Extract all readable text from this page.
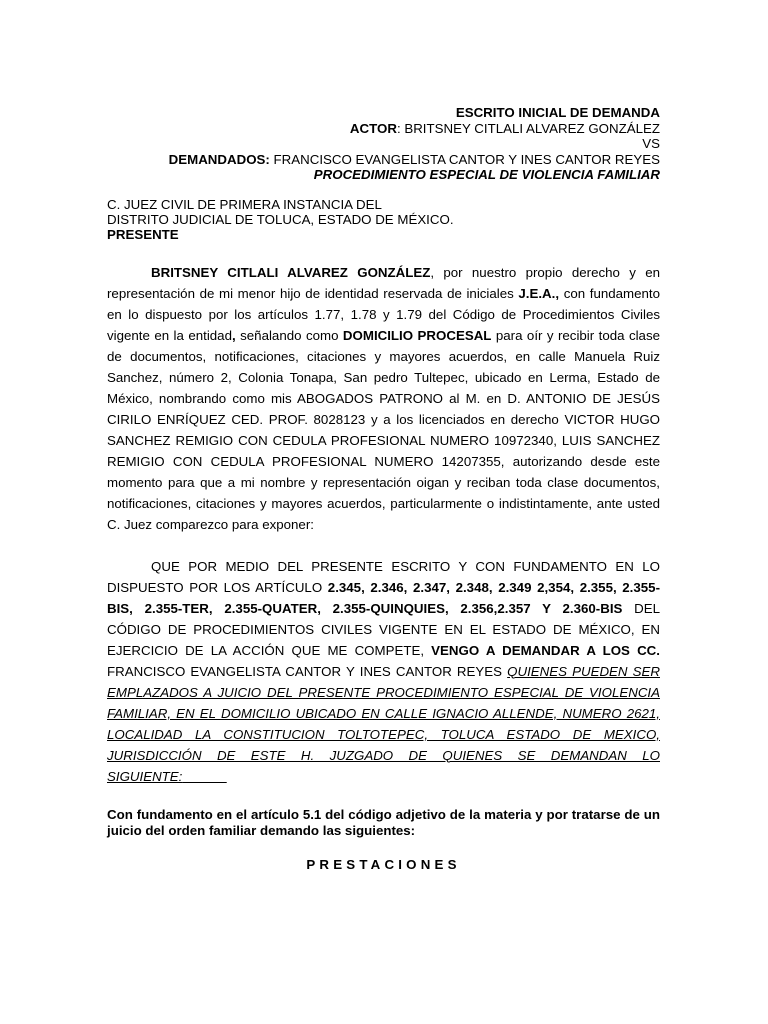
ESCRITO INICIAL DE DEMANDA
ACTOR: BRITSNEY CITLALI ALVAREZ GONZÁLEZ
VS
DEMANDADOS: FRANCISCO EVANGELISTA CANTOR Y INES CANTOR REYES
PROCEDIMIENTO ESPECIAL DE VIOLENCIA FAMILIAR
C. JUEZ CIVIL DE PRIMERA INSTANCIA DEL
DISTRITO JUDICIAL DE TOLUCA, ESTADO DE MÉXICO.
PRESENTE
BRITSNEY CITLALI ALVAREZ GONZÁLEZ, por nuestro propio derecho y en representación de mi menor hijo de identidad reservada de iniciales J.E.A., con fundamento en lo dispuesto por los artículos 1.77, 1.78 y 1.79 del Código de Procedimientos Civiles vigente en la entidad, señalando como DOMICILIO PROCESAL para oír y recibir toda clase de documentos, notificaciones, citaciones y mayores acuerdos, en calle Manuela Ruiz Sanchez, número 2, Colonia Tonapa, San pedro Tultepec, ubicado en Lerma, Estado de México, nombrando como mis ABOGADOS PATRONO al M. en D. ANTONIO DE JESÚS CIRILO ENRÍQUEZ CED. PROF. 8028123 y a los licenciados en derecho VICTOR HUGO SANCHEZ REMIGIO CON CEDULA PROFESIONAL NUMERO 10972340, LUIS SANCHEZ REMIGIO CON CEDULA PROFESIONAL NUMERO 14207355, autorizando desde este momento para que a mi nombre y representación oigan y reciban toda clase documentos, notificaciones, citaciones y mayores acuerdos, particularmente o indistintamente, ante usted C. Juez comparezco para exponer:
QUE POR MEDIO DEL PRESENTE ESCRITO Y CON FUNDAMENTO EN LO DISPUESTO POR LOS ARTÍCULO 2.345, 2.346, 2.347, 2.348, 2.349 2,354, 2.355, 2.355-BIS, 2.355-TER, 2.355-QUATER, 2.355-QUINQUIES, 2.356,2.357 Y 2.360-BIS DEL CÓDIGO DE PROCEDIMIENTOS CIVILES VIGENTE EN EL ESTADO DE MÉXICO, EN EJERCICIO DE LA ACCIÓN QUE ME COMPETE, VENGO A DEMANDAR A LOS CC. FRANCISCO EVANGELISTA CANTOR Y INES CANTOR REYES QUIENES PUEDEN SER EMPLAZADOS A JUICIO DEL PRESENTE PROCEDIMIENTO ESPECIAL DE VIOLENCIA FAMILIAR, EN EL DOMICILIO UBICADO EN CALLE IGNACIO ALLENDE, NUMERO 2621, LOCALIDAD LA CONSTITUCION TOLTOTEPEC, TOLUCA ESTADO DE MEXICO, JURISDICCIÓN DE ESTE H. JUZGADO DE QUIENES SE DEMANDAN LO SIGUIENTE:
Con fundamento en el artículo 5.1 del código adjetivo de la materia y por tratarse de un juicio del orden familiar demando las siguientes:
PRESTACIONES
